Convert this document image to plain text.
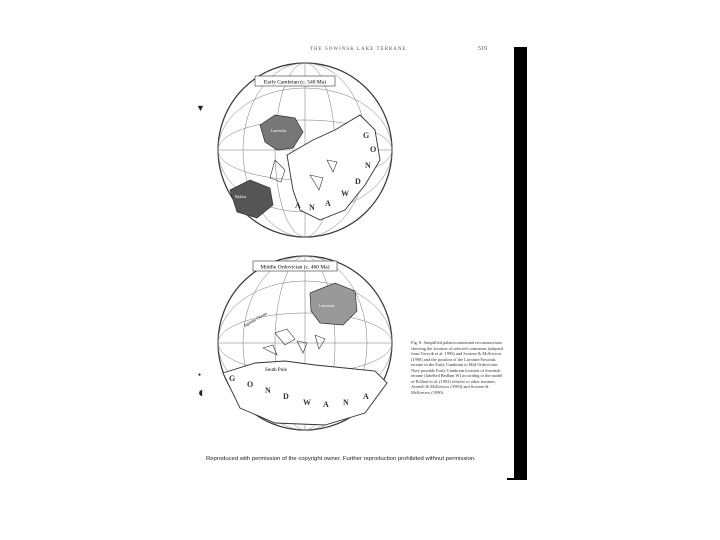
THE SOWINSK LAKE TERRANE	519
▼
●
◐
Early Cambrian (c. 540 Ma)
Laurentia
Baltica
G
O
N
D
W
A
N
A
Middle Ordovician (c. 460 Ma)
Laurentia
Iapetus Ocean
South Pole
G
O
N
D
W A N
A
Fig. 8. Simplified palaeocontinental reconstructions showing the location of selected continents (adapted from Torsvik et al. 1996) and Scotese & McKerrow (1990) and the position of the Lorraine/Sowinsk terrane in the Early Cambrian to Mid Ordovician. Note possible Early Cambrian location of Sowinsk terrane (labelled Bedlam W) according to the model of Pollard et al. (1992) relative to other terranes. Avenell & McKerrow (1983) and Scotese & McKerrow (1990).
Reproduced with permission of the copyright owner. Further reproduction prohibited without permission.
